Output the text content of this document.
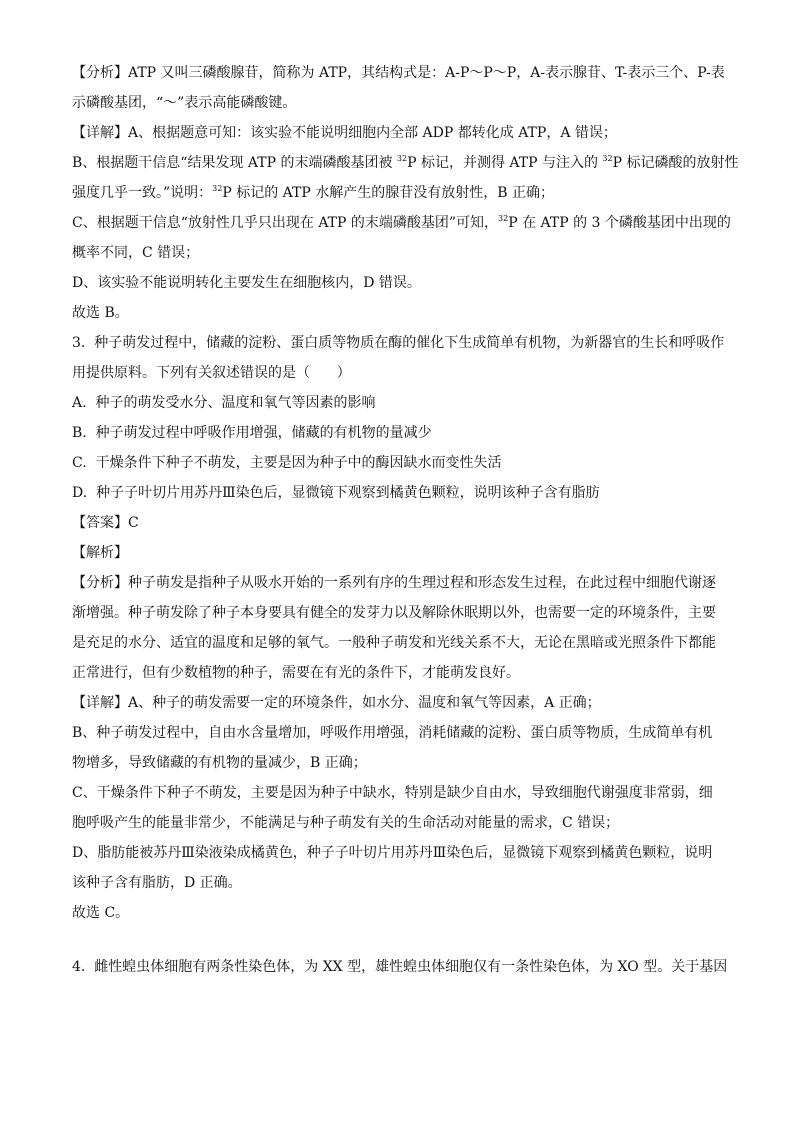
【分析】ATP 又叫三磷酸腺苷，简称为 ATP，其结构式是：A-P～P～P，A-表示腺苷、T-表示三个、P-表
示磷酸基团，“～”表示高能磷酸键。
【详解】A、根据题意可知：该实验不能说明细胞内全部 ADP 都转化成 ATP，A 错误；
B、根据题干信息“结果发现 ATP 的末端磷酸基团被 $^{32}$P 标记，并测得 ATP 与注入的 $^{32}$P 标记磷酸的放射性
强度几乎一致。”说明：$^{32}$P 标记的 ATP 水解产生的腺苷没有放射性，B 正确；
C、根据题干信息“放射性几乎只出现在 ATP 的末端磷酸基团”可知，$^{32}$P 在 ATP 的 3 个磷酸基团中出现的
概率不同，C 错误；
D、该实验不能说明转化主要发生在细胞核内，D 错误。
故选 B。
3.  种子萌发过程中，储藏的淀粉、蛋白质等物质在酶的催化下生成简单有机物，为新器官的生长和呼吸作
用提供原料。下列有关叙述错误的是（      ）
A.  种子的萌发受水分、温度和氧气等因素的影响
B.  种子萌发过程中呼吸作用增强，储藏的有机物的量减少
C.  干燥条件下种子不萌发，主要是因为种子中的酶因缺水而变性失活
D.  种子子叶切片用苏丹Ⅲ染色后，显微镜下观察到橘黄色颗粒，说明该种子含有脂肪
【答案】C
【解析】
【分析】种子萌发是指种子从吸水开始的一系列有序的生理过程和形态发生过程，在此过程中细胞代谢逐
渐增强。种子萌发除了种子本身要具有健全的发芽力以及解除休眠期以外，也需要一定的环境条件，主要
是充足的水分、适宜的温度和足够的氧气。一般种子萌发和光线关系不大，无论在黑暗或光照条件下都能
正常进行，但有少数植物的种子，需要在有光的条件下，才能萌发良好。
【详解】A、种子的萌发需要一定的环境条件，如水分、温度和氧气等因素，A 正确；
B、种子萌发过程中，自由水含量增加，呼吸作用增强，消耗储藏的淀粉、蛋白质等物质，生成简单有机
物增多，导致储藏的有机物的量减少，B 正确；
C、干燥条件下种子不萌发，主要是因为种子中缺水，特别是缺少自由水，导致细胞代谢强度非常弱，细
胞呼吸产生的能量非常少，不能满足与种子萌发有关的生命活动对能量的需求，C 错误；
D、脂肪能被苏丹Ⅲ染液染成橘黄色，种子子叶切片用苏丹Ⅲ染色后，显微镜下观察到橘黄色颗粒，说明
该种子含有脂肪，D 正确。
故选 C。
4.  雌性蝗虫体细胞有两条性染色体，为 XX 型，雄性蝗虫体细胞仅有一条性染色体，为 XO 型。关于基因
